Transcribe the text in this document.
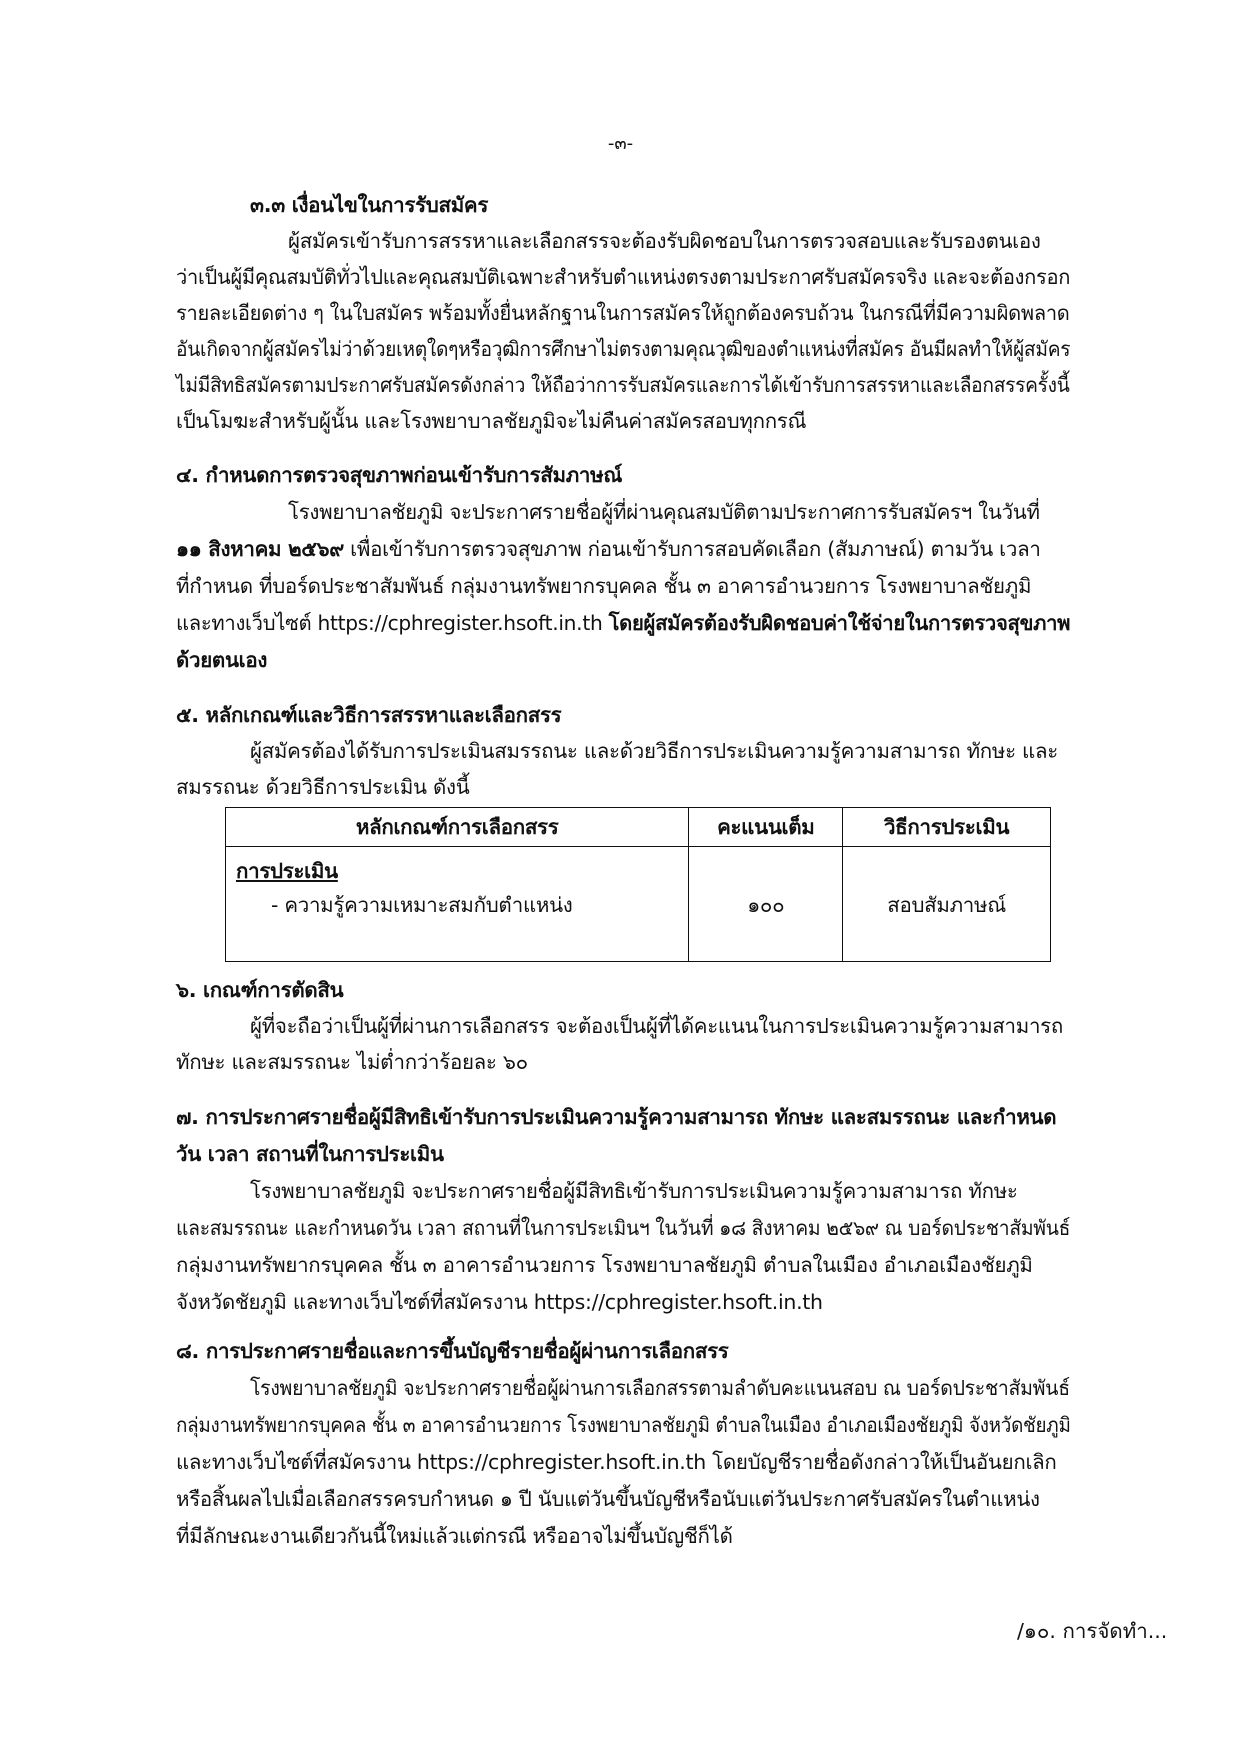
-๓-
๓.๓ เงื่อนไขในการรับสมัคร
ผู้สมัครเข้ารับการสรรหาและเลือกสรรจะต้องรับผิดชอบในการตรวจสอบและรับรองตนเอง
ว่าเป็นผู้มีคุณสมบัติทั่วไปและคุณสมบัติเฉพาะสำหรับตำแหน่งตรงตามประกาศรับสมัครจริง และจะต้องกรอก
รายละเอียดต่าง ๆ ในใบสมัคร พร้อมทั้งยื่นหลักฐานในการสมัครให้ถูกต้องครบถ้วน ในกรณีที่มีความผิดพลาด
อันเกิดจากผู้สมัครไม่ว่าด้วยเหตุใดๆหรือวุฒิการศึกษาไม่ตรงตามคุณวุฒิของตำแหน่งที่สมัคร อันมีผลทำให้ผู้สมัคร
ไม่มีสิทธิสมัครตามประกาศรับสมัครดังกล่าว ให้ถือว่าการรับสมัครและการได้เข้ารับการสรรหาและเลือกสรรครั้งนี้
เป็นโมฆะสำหรับผู้นั้น และโรงพยาบาลชัยภูมิจะไม่คืนค่าสมัครสอบทุกกรณี
๔. กำหนดการตรวจสุขภาพก่อนเข้ารับการสัมภาษณ์
โรงพยาบาลชัยภูมิ จะประกาศรายชื่อผู้ที่ผ่านคุณสมบัติตามประกาศการรับสมัครฯ ในวันที่
๑๑ สิงหาคม ๒๕๖๙ เพื่อเข้ารับการตรวจสุขภาพ ก่อนเข้ารับการสอบคัดเลือก (สัมภาษณ์) ตามวัน เวลา
ที่กำหนด ที่บอร์ดประชาสัมพันธ์ กลุ่มงานทรัพยากรบุคคล ชั้น ๓ อาคารอำนวยการ โรงพยาบาลชัยภูมิ
และทางเว็บไซต์ https://cphregister.hsoft.in.th โดยผู้สมัครต้องรับผิดชอบค่าใช้จ่ายในการตรวจสุขภาพ
ด้วยตนเอง
๕. หลักเกณฑ์และวิธีการสรรหาและเลือกสรร
ผู้สมัครต้องได้รับการประเมินสมรรถนะ และด้วยวิธีการประเมินความรู้ความสามารถ ทักษะ และ
สมรรถนะ ด้วยวิธีการประเมิน ดังนี้
หลักเกณฑ์การเลือกสรร	คะแนนเต็ม	วิธีการประเมิน

การประเมิน
- ความรู้ความเหมาะสมกับตำแหน่ง	๑๐๐	สอบสัมภาษณ์
๖. เกณฑ์การตัดสิน
ผู้ที่จะถือว่าเป็นผู้ที่ผ่านการเลือกสรร จะต้องเป็นผู้ที่ได้คะแนนในการประเมินความรู้ความสามารถ
ทักษะ และสมรรถนะ ไม่ต่ำกว่าร้อยละ ๖๐
๗. การประกาศรายชื่อผู้มีสิทธิเข้ารับการประเมินความรู้ความสามารถ ทักษะ และสมรรถนะ และกำหนด
วัน เวลา สถานที่ในการประเมิน
โรงพยาบาลชัยภูมิ จะประกาศรายชื่อผู้มีสิทธิเข้ารับการประเมินความรู้ความสามารถ ทักษะ
และสมรรถนะ และกำหนดวัน เวลา สถานที่ในการประเมินฯ ในวันที่ ๑๘ สิงหาคม ๒๕๖๙ ณ บอร์ดประชาสัมพันธ์
กลุ่มงานทรัพยากรบุคคล ชั้น ๓ อาคารอำนวยการ โรงพยาบาลชัยภูมิ ตำบลในเมือง อำเภอเมืองชัยภูมิ
จังหวัดชัยภูมิ และทางเว็บไซต์ที่สมัครงาน https://cphregister.hsoft.in.th
๘. การประกาศรายชื่อและการขึ้นบัญชีรายชื่อผู้ผ่านการเลือกสรร
โรงพยาบาลชัยภูมิ จะประกาศรายชื่อผู้ผ่านการเลือกสรรตามลำดับคะแนนสอบ ณ บอร์ดประชาสัมพันธ์
กลุ่มงานทรัพยากรบุคคล ชั้น ๓ อาคารอำนวยการ โรงพยาบาลชัยภูมิ ตำบลในเมือง อำเภอเมืองชัยภูมิ จังหวัดชัยภูมิ
และทางเว็บไซต์ที่สมัครงาน https://cphregister.hsoft.in.th โดยบัญชีรายชื่อดังกล่าวให้เป็นอันยกเลิก
หรือสิ้นผลไปเมื่อเลือกสรรครบกำหนด ๑ ปี นับแต่วันขึ้นบัญชีหรือนับแต่วันประกาศรับสมัครในตำแหน่ง
ที่มีลักษณะงานเดียวกันนี้ใหม่แล้วแต่กรณี หรืออาจไม่ขึ้นบัญชีก็ได้
/๑๐. การจัดทำ...
